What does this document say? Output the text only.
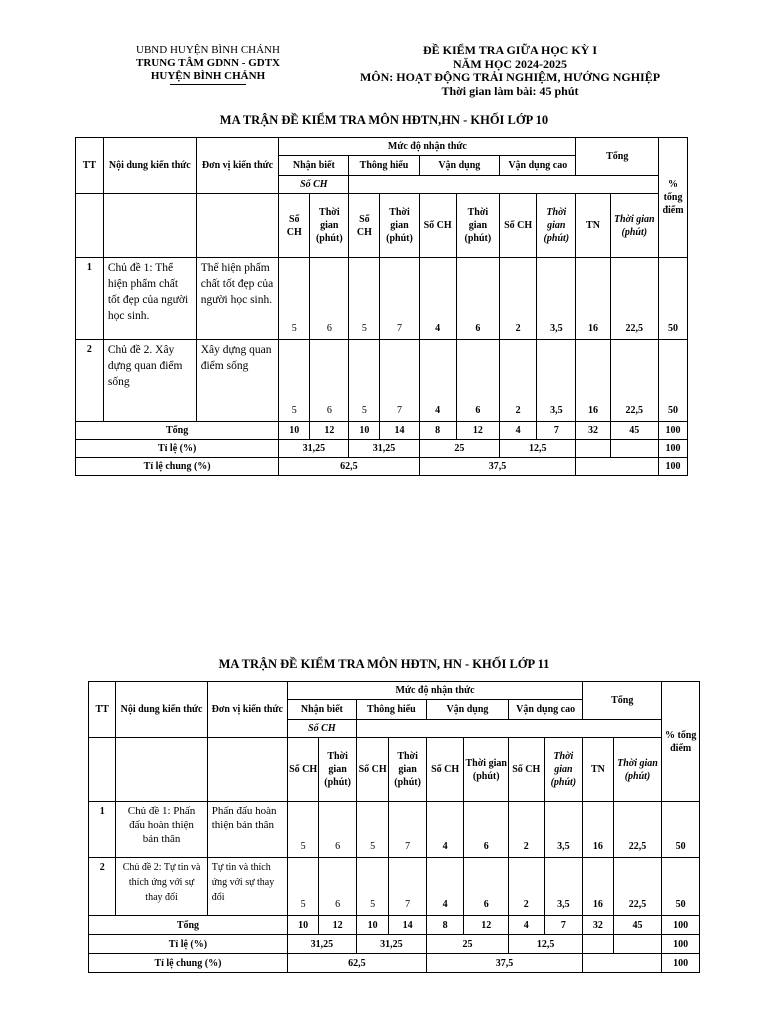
UBND HUYỆN BÌNH CHÁNH
TRUNG TÂM GDNN - GDTX
HUYỆN BÌNH CHÁNH
ĐỀ KIỂM TRA GIỮA HỌC KỲ I
NĂM HỌC 2024-2025
MÔN: HOẠT ĐỘNG TRẢI NGHIỆM, HƯỚNG NGHIỆP
Thời gian làm bài: 45 phút
MA TRẬN ĐỀ KIỂM TRA MÔN HĐTN,HN - KHỐI LỚP 10
TT	Nội dung kiến thức	Đơn vị kiến thức	Mức độ nhận thức								Tổng		% tổng điểm
			Nhận biết		Thông hiểu		Vận dụng		Vận dụng cao				
			Số CH										
			Số CH	Thời gian (phút)	Số CH	Thời gian (phút)	Số CH	Thời gian (phút)	Số CH	Thời gian (phút)	TN	Thời gian (phút)	
1	Chủ đề 1: Thể hiện phẩm chất tốt đẹp của người học sinh.	Thể hiện phẩm chất tốt đẹp của người học sinh.	5	6	5	7	4	6	2	3,5	16	22,5	50
2	Chủ đề 2. Xây dựng quan điểm sống	Xây dựng quan điểm sống	5	6	5	7	4	6	2	3,5	16	22,5	50
Tổng			10	12	10	14	8	12	4	7	32	45	100
Tỉ lệ (%)			31,25		31,25		25		12,5				100
Tỉ lệ chung (%)			62,5				37,5						100
MA TRẬN ĐỀ KIỂM TRA MÔN HĐTN, HN - KHỐI LỚP 11
TT	Nội dung kiến thức	Đơn vị kiến thức	Mức độ nhận thức								Tổng		% tổng điểm
			Nhận biết		Thông hiểu		Vận dụng		Vận dụng cao				
			Số CH										
			Số CH	Thời gian (phút)	Số CH	Thời gian (phút)	Số CH	Thời gian (phút)	Số CH	Thời gian (phút)	TN	Thời gian (phút)	
1	Chủ đề 1: Phấn đấu hoàn thiện bản thân	Phấn đấu hoàn thiện bản thân	5	6	5	7	4	6	2	3,5	16	22,5	50
2	Chủ đề 2: Tự tin và thích ứng với sự thay đổi	Tự tin và thích ứng với sự thay đổi	5	6	5	7	4	6	2	3,5	16	22,5	50
Tổng			10	12	10	14	8	12	4	7	32	45	100
Tỉ lệ (%)			31,25		31,25		25		12,5				100
Tỉ lệ chung (%)			62,5				37,5						100
